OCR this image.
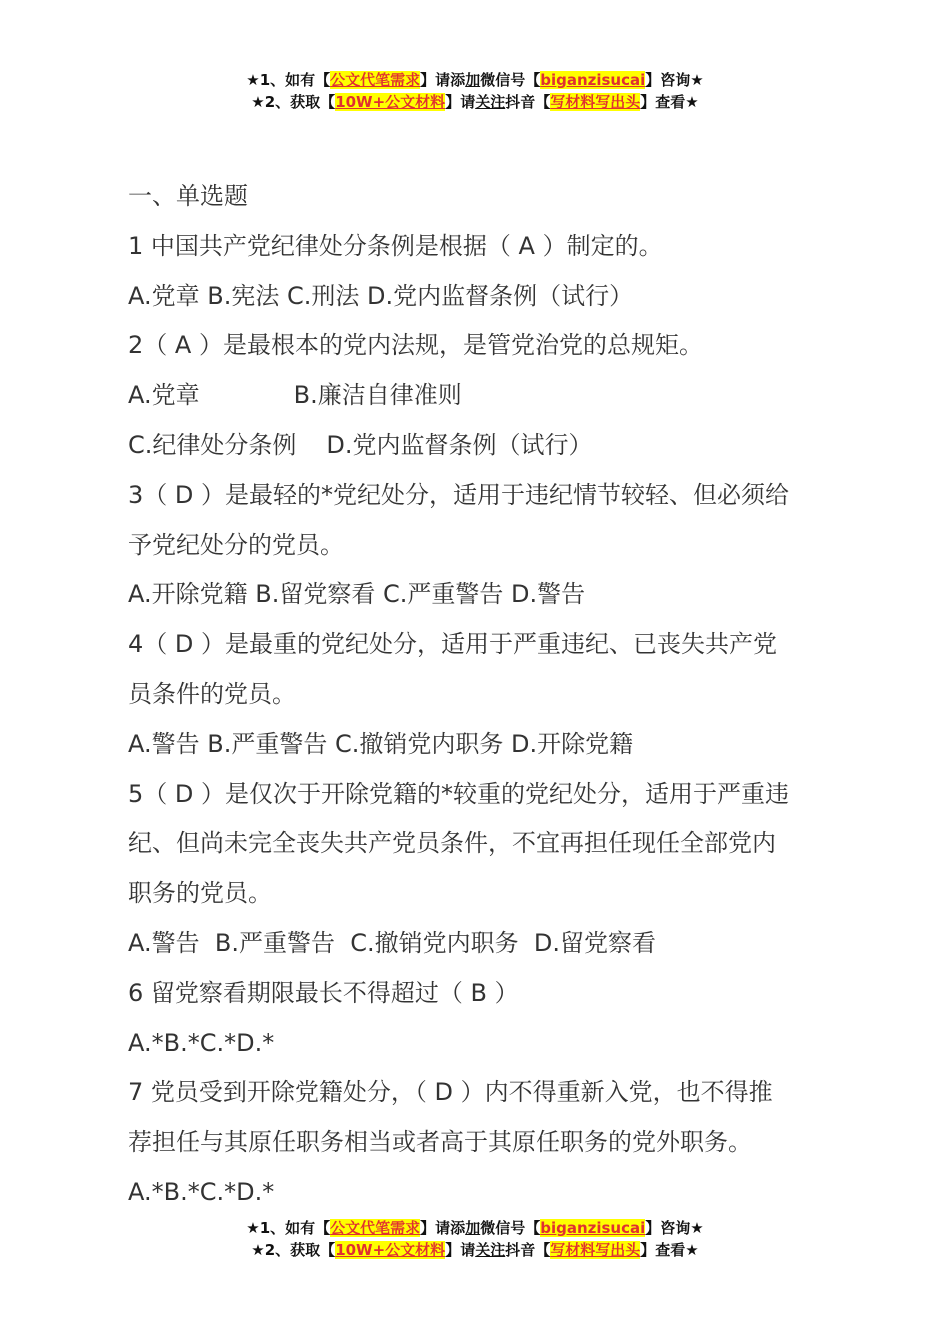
★1、如有【公文代笔需求】请添加微信号【biganzisucai】咨询★
★2、获取【10W+公文材料】请关注抖音【写材料写出头】查看★
一、单选题
1 中国共产党纪律处分条例是根据（ A ）制定的。
A.党章 B.宪法 C.刑法 D.党内监督条例（试行）
2（ A ）是最根本的党内法规，是管党治党的总规矩。
A.党章	B.廉洁自律准则
C.纪律处分条例 D.党内监督条例（试行）
3（ D ）是最轻的*党纪处分，适用于违纪情节较轻、但必须给
予党纪处分的党员。
A.开除党籍 B.留党察看 C.严重警告 D.警告
4（ D ）是最重的党纪处分，适用于严重违纪、已丧失共产党
员条件的党员。
A.警告 B.严重警告 C.撤销党内职务 D.开除党籍
5（ D ）是仅次于开除党籍的*较重的党纪处分，适用于严重违
纪、但尚未完全丧失共产党员条件，不宜再担任现任全部党内
职务的党员。
A.警告  B.严重警告  C.撤销党内职务  D.留党察看
6 留党察看期限最长不得超过（ B ）
A.*B.*C.*D.*
7 党员受到开除党籍处分，（ D ）内不得重新入党，也不得推
荐担任与其原任职务相当或者高于其原任职务的党外职务。
A.*B.*C.*D.*
★1、如有【公文代笔需求】请添加微信号【biganzisucai】咨询★
★2、获取【10W+公文材料】请关注抖音【写材料写出头】查看★
